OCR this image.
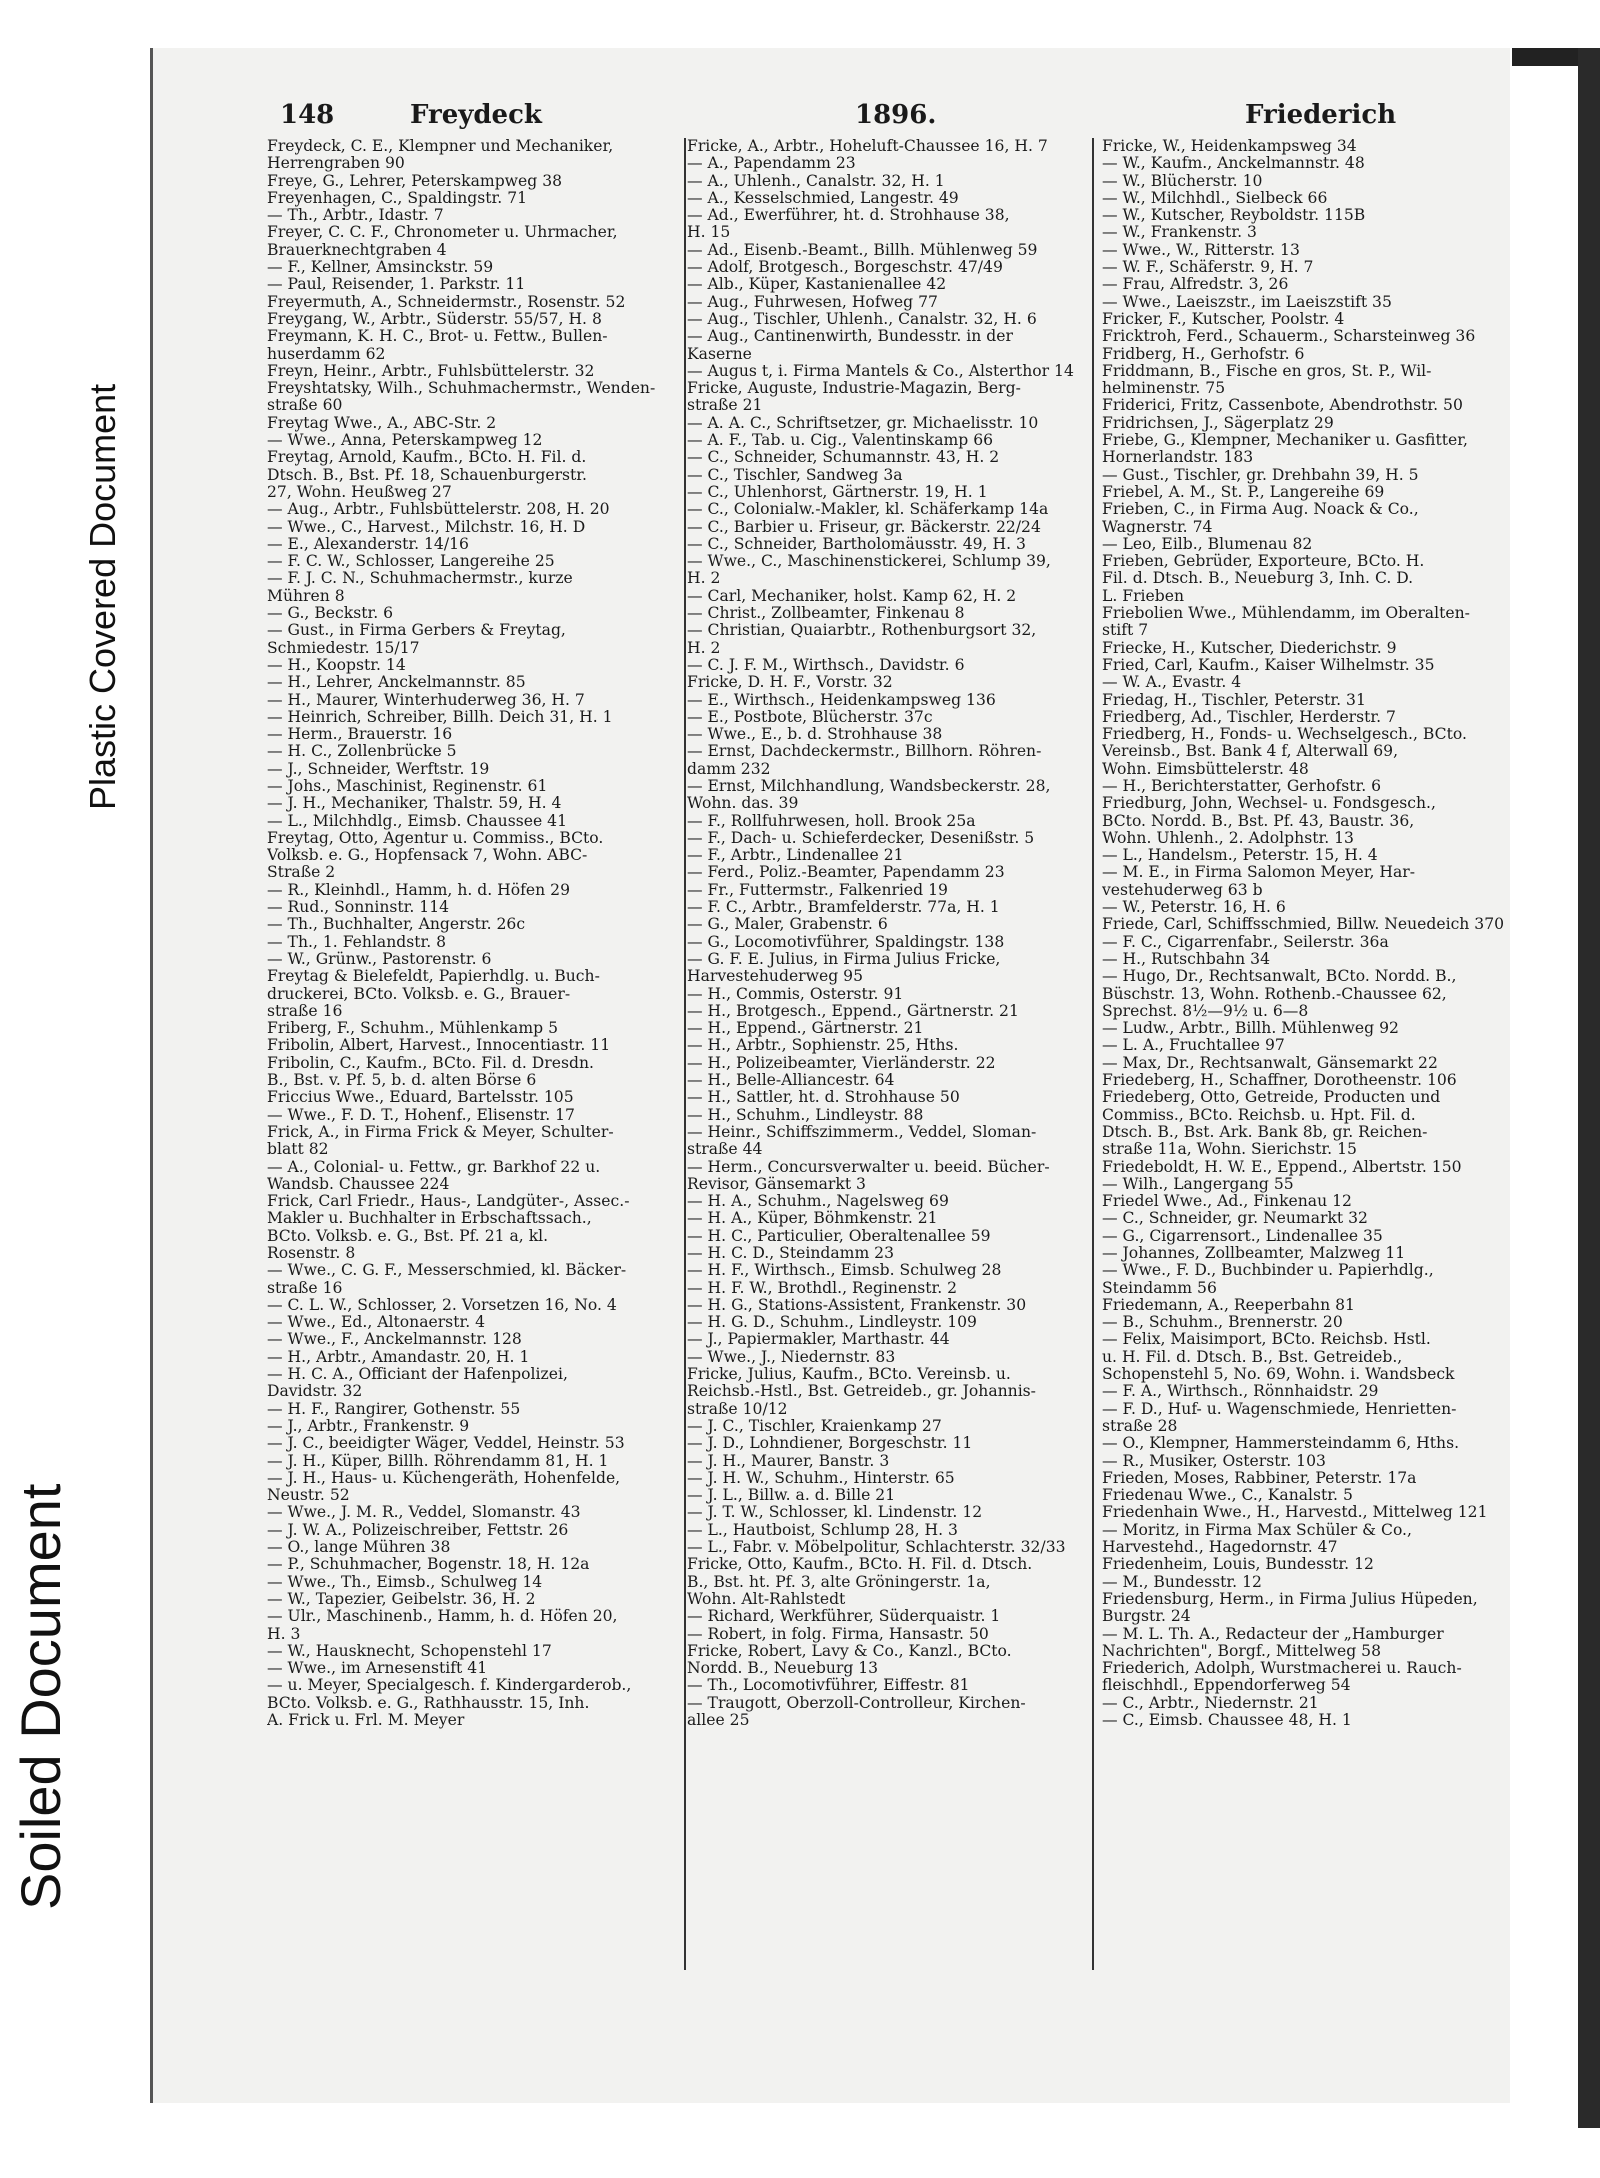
Soiled Document
Plastic Covered Document
148	Freydeck	1896.	Friederich
Freydeck, C. E., Klempner und Mechaniker,
Herrengraben 90
Freye, G., Lehrer, Peterskampweg 38
Freyenhagen, C., Spaldingstr. 71
— Th., Arbtr., Idastr. 7
Freyer, C. C. F., Chronometer u. Uhrmacher,
Brauerknechtgraben 4
— F., Kellner, Amsinckstr. 59
— Paul, Reisender, 1. Parkstr. 11
Freyermuth, A., Schneidermstr., Rosenstr. 52
Freygang, W., Arbtr., Süderstr. 55/57, H. 8
Freymann, K. H. C., Brot- u. Fettw., Bullen-
huserdamm 62
Freyn, Heinr., Arbtr., Fuhlsbüttelerstr. 32
Freyshtatsky, Wilh., Schuhmachermstr., Wenden-
straße 60
Freytag Wwe., A., ABC-Str. 2
— Wwe., Anna, Peterskampweg 12
Freytag, Arnold, Kaufm., BCto. H. Fil. d.
Dtsch. B., Bst. Pf. 18, Schauenburgerstr.
27, Wohn. Heußweg 27
— Aug., Arbtr., Fuhlsbüttelerstr. 208, H. 20
— Wwe., C., Harvest., Milchstr. 16, H. D
— E., Alexanderstr. 14/16
— F. C. W., Schlosser, Langereihe 25
— F. J. C. N., Schuhmachermstr., kurze
Mühren 8
— G., Beckstr. 6
— Gust., in Firma Gerbers & Freytag,
Schmiedestr. 15/17
— H., Koopstr. 14
— H., Lehrer, Anckelmannstr. 85
— H., Maurer, Winterhuderweg 36, H. 7
— Heinrich, Schreiber, Billh. Deich 31, H. 1
— Herm., Brauerstr. 16
— H. C., Zollenbrücke 5
— J., Schneider, Werftstr. 19
— Johs., Maschinist, Reginenstr. 61
— J. H., Mechaniker, Thalstr. 59, H. 4
— L., Milchhdlg., Eimsb. Chaussee 41
Freytag, Otto, Agentur u. Commiss., BCto.
Volksb. e. G., Hopfensack 7, Wohn. ABC-
Straße 2
— R., Kleinhdl., Hamm, h. d. Höfen 29
— Rud., Sonninstr. 114
— Th., Buchhalter, Angerstr. 26c
— Th., 1. Fehlandstr. 8
— W., Grünw., Pastorenstr. 6
Freytag & Bielefeldt, Papierhdlg. u. Buch-
druckerei, BCto. Volksb. e. G., Brauer-
straße 16
Friberg, F., Schuhm., Mühlenkamp 5
Fribolin, Albert, Harvest., Innocentiastr. 11
Fribolin, C., Kaufm., BCto. Fil. d. Dresdn.
B., Bst. v. Pf. 5, b. d. alten Börse 6
Friccius Wwe., Eduard, Bartelsstr. 105
— Wwe., F. D. T., Hohenf., Elisenstr. 17
Frick, A., in Firma Frick & Meyer, Schulter-
blatt 82
— A., Colonial- u. Fettw., gr. Barkhof 22 u.
Wandsb. Chaussee 224
Frick, Carl Friedr., Haus-, Landgüter-, Assec.-
Makler u. Buchhalter in Erbschaftssach.,
BCto. Volksb. e. G., Bst. Pf. 21 a, kl.
Rosenstr. 8
— Wwe., C. G. F., Messerschmied, kl. Bäcker-
straße 16
— C. L. W., Schlosser, 2. Vorsetzen 16, No. 4
— Wwe., Ed., Altonaerstr. 4
— Wwe., F., Anckelmannstr. 128
— H., Arbtr., Amandastr. 20, H. 1
— H. C. A., Officiant der Hafenpolizei,
Davidstr. 32
— H. F., Rangirer, Gothenstr. 55
— J., Arbtr., Frankenstr. 9
— J. C., beeidigter Wäger, Veddel, Heinstr. 53
— J. H., Küper, Billh. Röhrendamm 81, H. 1
— J. H., Haus- u. Küchengeräth, Hohenfelde,
Neustr. 52
— Wwe., J. M. R., Veddel, Slomanstr. 43
— J. W. A., Polizeischreiber, Fettstr. 26
— O., lange Mühren 38
— P., Schuhmacher, Bogenstr. 18, H. 12a
— Wwe., Th., Eimsb., Schulweg 14
— W., Tapezier, Geibelstr. 36, H. 2
— Ulr., Maschinenb., Hamm, h. d. Höfen 20,
H. 3
— W., Hausknecht, Schopenstehl 17
— Wwe., im Arnesenstift 41
— u. Meyer, Specialgesch. f. Kindergarderob.,
BCto. Volksb. e. G., Rathhausstr. 15, Inh.
A. Frick u. Frl. M. Meyer
Fricke, A., Arbtr., Hoheluft-Chaussee 16, H. 7
— A., Papendamm 23
— A., Uhlenh., Canalstr. 32, H. 1
— A., Kesselschmied, Langestr. 49
— Ad., Ewerführer, ht. d. Strohhause 38,
H. 15
— Ad., Eisenb.-Beamt., Billh. Mühlenweg 59
— Adolf, Brotgesch., Borgeschstr. 47/49
— Alb., Küper, Kastanienallee 42
— Aug., Fuhrwesen, Hofweg 77
— Aug., Tischler, Uhlenh., Canalstr. 32, H. 6
— Aug., Cantinenwirth, Bundesstr. in der
Kaserne
— Augus t, i. Firma Mantels & Co., Alsterthor 14
Fricke, Auguste, Industrie-Magazin, Berg-
straße 21
— A. A. C., Schriftsetzer, gr. Michaelisstr. 10
— A. F., Tab. u. Cig., Valentinskamp 66
— C., Schneider, Schumannstr. 43, H. 2
— C., Tischler, Sandweg 3a
— C., Uhlenhorst, Gärtnerstr. 19, H. 1
— C., Colonialw.-Makler, kl. Schäferkamp 14a
— C., Barbier u. Friseur, gr. Bäckerstr. 22/24
— C., Schneider, Bartholomäusstr. 49, H. 3
— Wwe., C., Maschinenstickerei, Schlump 39,
H. 2
— Carl, Mechaniker, holst. Kamp 62, H. 2
— Christ., Zollbeamter, Finkenau 8
— Christian, Quaiarbtr., Rothenburgsort 32,
H. 2
— C. J. F. M., Wirthsch., Davidstr. 6
Fricke, D. H. F., Vorstr. 32
— E., Wirthsch., Heidenkampsweg 136
— E., Postbote, Blücherstr. 37c
— Wwe., E., b. d. Strohhause 38
— Ernst, Dachdeckermstr., Billhorn. Röhren-
damm 232
— Ernst, Milchhandlung, Wandsbeckerstr. 28,
Wohn. das. 39
— F., Rollfuhrwesen, holl. Brook 25a
— F., Dach- u. Schieferdecker, Desenißstr. 5
— F., Arbtr., Lindenallee 21
— Ferd., Poliz.-Beamter, Papendamm 23
— Fr., Futtermstr., Falkenried 19
— F. C., Arbtr., Bramfelderstr. 77a, H. 1
— G., Maler, Grabenstr. 6
— G., Locomotivführer, Spaldingstr. 138
— G. F. E. Julius, in Firma Julius Fricke,
Harvestehuderweg 95
— H., Commis, Osterstr. 91
— H., Brotgesch., Eppend., Gärtnerstr. 21
— H., Eppend., Gärtnerstr. 21
— H., Arbtr., Sophienstr. 25, Hths.
— H., Polizeibeamter, Vierländerstr. 22
— H., Belle-Alliancestr. 64
— H., Sattler, ht. d. Strohhause 50
— H., Schuhm., Lindleystr. 88
— Heinr., Schiffszimmerm., Veddel, Sloman-
straße 44
— Herm., Concursverwalter u. beeid. Bücher-
Revisor, Gänsemarkt 3
— H. A., Schuhm., Nagelsweg 69
— H. A., Küper, Böhmkenstr. 21
— H. C., Particulier, Oberaltenallee 59
— H. C. D., Steindamm 23
— H. F., Wirthsch., Eimsb. Schulweg 28
— H. F. W., Brothdl., Reginenstr. 2
— H. G., Stations-Assistent, Frankenstr. 30
— H. G. D., Schuhm., Lindleystr. 109
— J., Papiermakler, Marthastr. 44
— Wwe., J., Niedernstr. 83
Fricke, Julius, Kaufm., BCto. Vereinsb. u.
Reichsb.-Hstl., Bst. Getreideb., gr. Johannis-
straße 10/12
— J. C., Tischler, Kraienkamp 27
— J. D., Lohndiener, Borgeschstr. 11
— J. H., Maurer, Banstr. 3
— J. H. W., Schuhm., Hinterstr. 65
— J. L., Billw. a. d. Bille 21
— J. T. W., Schlosser, kl. Lindenstr. 12
— L., Hautboist, Schlump 28, H. 3
— L., Fabr. v. Möbelpolitur, Schlachterstr. 32/33
Fricke, Otto, Kaufm., BCto. H. Fil. d. Dtsch.
B., Bst. ht. Pf. 3, alte Gröningerstr. 1a,
Wohn. Alt-Rahlstedt
— Richard, Werkführer, Süderquaistr. 1
— Robert, in folg. Firma, Hansastr. 50
Fricke, Robert, Lavy & Co., Kanzl., BCto.
Nordd. B., Neueburg 13
— Th., Locomotivführer, Eiffestr. 81
— Traugott, Oberzoll-Controlleur, Kirchen-
allee 25
Fricke, W., Heidenkampsweg 34
— W., Kaufm., Anckelmannstr. 48
— W., Blücherstr. 10
— W., Milchhdl., Sielbeck 66
— W., Kutscher, Reyboldstr. 115B
— W., Frankenstr. 3
— Wwe., W., Ritterstr. 13
— W. F., Schäferstr. 9, H. 7
— Frau, Alfredstr. 3, 26
— Wwe., Laeiszstr., im Laeiszstift 35
Fricker, F., Kutscher, Poolstr. 4
Fricktroh, Ferd., Schauerm., Scharsteinweg 36
Fridberg, H., Gerhofstr. 6
Friddmann, B., Fische en gros, St. P., Wil-
helminenstr. 75
Friderici, Fritz, Cassenbote, Abendrothstr. 50
Fridrichsen, J., Sägerplatz 29
Friebe, G., Klempner, Mechaniker u. Gasfitter,
Hornerlandstr. 183
— Gust., Tischler, gr. Drehbahn 39, H. 5
Friebel, A. M., St. P., Langereihe 69
Frieben, C., in Firma Aug. Noack & Co.,
Wagnerstr. 74
— Leo, Eilb., Blumenau 82
Frieben, Gebrüder, Exporteure, BCto. H.
Fil. d. Dtsch. B., Neueburg 3, Inh. C. D.
L. Frieben
Friebolien Wwe., Mühlendamm, im Oberalten-
stift 7
Friecke, H., Kutscher, Diederichstr. 9
Fried, Carl, Kaufm., Kaiser Wilhelmstr. 35
— W. A., Evastr. 4
Friedag, H., Tischler, Peterstr. 31
Friedberg, Ad., Tischler, Herderstr. 7
Friedberg, H., Fonds- u. Wechselgesch., BCto.
Vereinsb., Bst. Bank 4 f, Alterwall 69,
Wohn. Eimsbüttelerstr. 48
— H., Berichterstatter, Gerhofstr. 6
Friedburg, John, Wechsel- u. Fondsgesch.,
BCto. Nordd. B., Bst. Pf. 43, Baustr. 36,
Wohn. Uhlenh., 2. Adolphstr. 13
— L., Handelsm., Peterstr. 15, H. 4
— M. E., in Firma Salomon Meyer, Har-
vestehuderweg 63 b
— W., Peterstr. 16, H. 6
Friede, Carl, Schiffsschmied, Billw. Neuedeich 370
— F. C., Cigarrenfabr., Seilerstr. 36a
— H., Rutschbahn 34
— Hugo, Dr., Rechtsanwalt, BCto. Nordd. B.,
Büschstr. 13, Wohn. Rothenb.-Chaussee 62,
Sprechst. 8½—9½ u. 6—8
— Ludw., Arbtr., Billh. Mühlenweg 92
— L. A., Fruchtallee 97
— Max, Dr., Rechtsanwalt, Gänsemarkt 22
Friedeberg, H., Schaffner, Dorotheenstr. 106
Friedeberg, Otto, Getreide, Producten und
Commiss., BCto. Reichsb. u. Hpt. Fil. d.
Dtsch. B., Bst. Ark. Bank 8b, gr. Reichen-
straße 11a, Wohn. Sierichstr. 15
Friedeboldt, H. W. E., Eppend., Albertstr. 150
— Wilh., Langergang 55
Friedel Wwe., Ad., Finkenau 12
— C., Schneider, gr. Neumarkt 32
— G., Cigarrensort., Lindenallee 35
— Johannes, Zollbeamter, Malzweg 11
— Wwe., F. D., Buchbinder u. Papierhdlg.,
Steindamm 56
Friedemann, A., Reeperbahn 81
— B., Schuhm., Brennerstr. 20
— Felix, Maisimport, BCto. Reichsb. Hstl.
u. H. Fil. d. Dtsch. B., Bst. Getreideb.,
Schopenstehl 5, No. 69, Wohn. i. Wandsbeck
— F. A., Wirthsch., Rönnhaidstr. 29
— F. D., Huf- u. Wagenschmiede, Henrietten-
straße 28
— O., Klempner, Hammersteindamm 6, Hths.
— R., Musiker, Osterstr. 103
Frieden, Moses, Rabbiner, Peterstr. 17a
Friedenau Wwe., C., Kanalstr. 5
Friedenhain Wwe., H., Harvestd., Mittelweg 121
— Moritz, in Firma Max Schüler & Co.,
Harvestehd., Hagedornstr. 47
Friedenheim, Louis, Bundesstr. 12
— M., Bundesstr. 12
Friedensburg, Herm., in Firma Julius Hüpeden,
Burgstr. 24
— M. L. Th. A., Redacteur der „Hamburger
Nachrichten", Borgf., Mittelweg 58
Friederich, Adolph, Wurstmacherei u. Rauch-
fleischhdl., Eppendorferweg 54
— C., Arbtr., Niedernstr. 21
— C., Eimsb. Chaussee 48, H. 1
